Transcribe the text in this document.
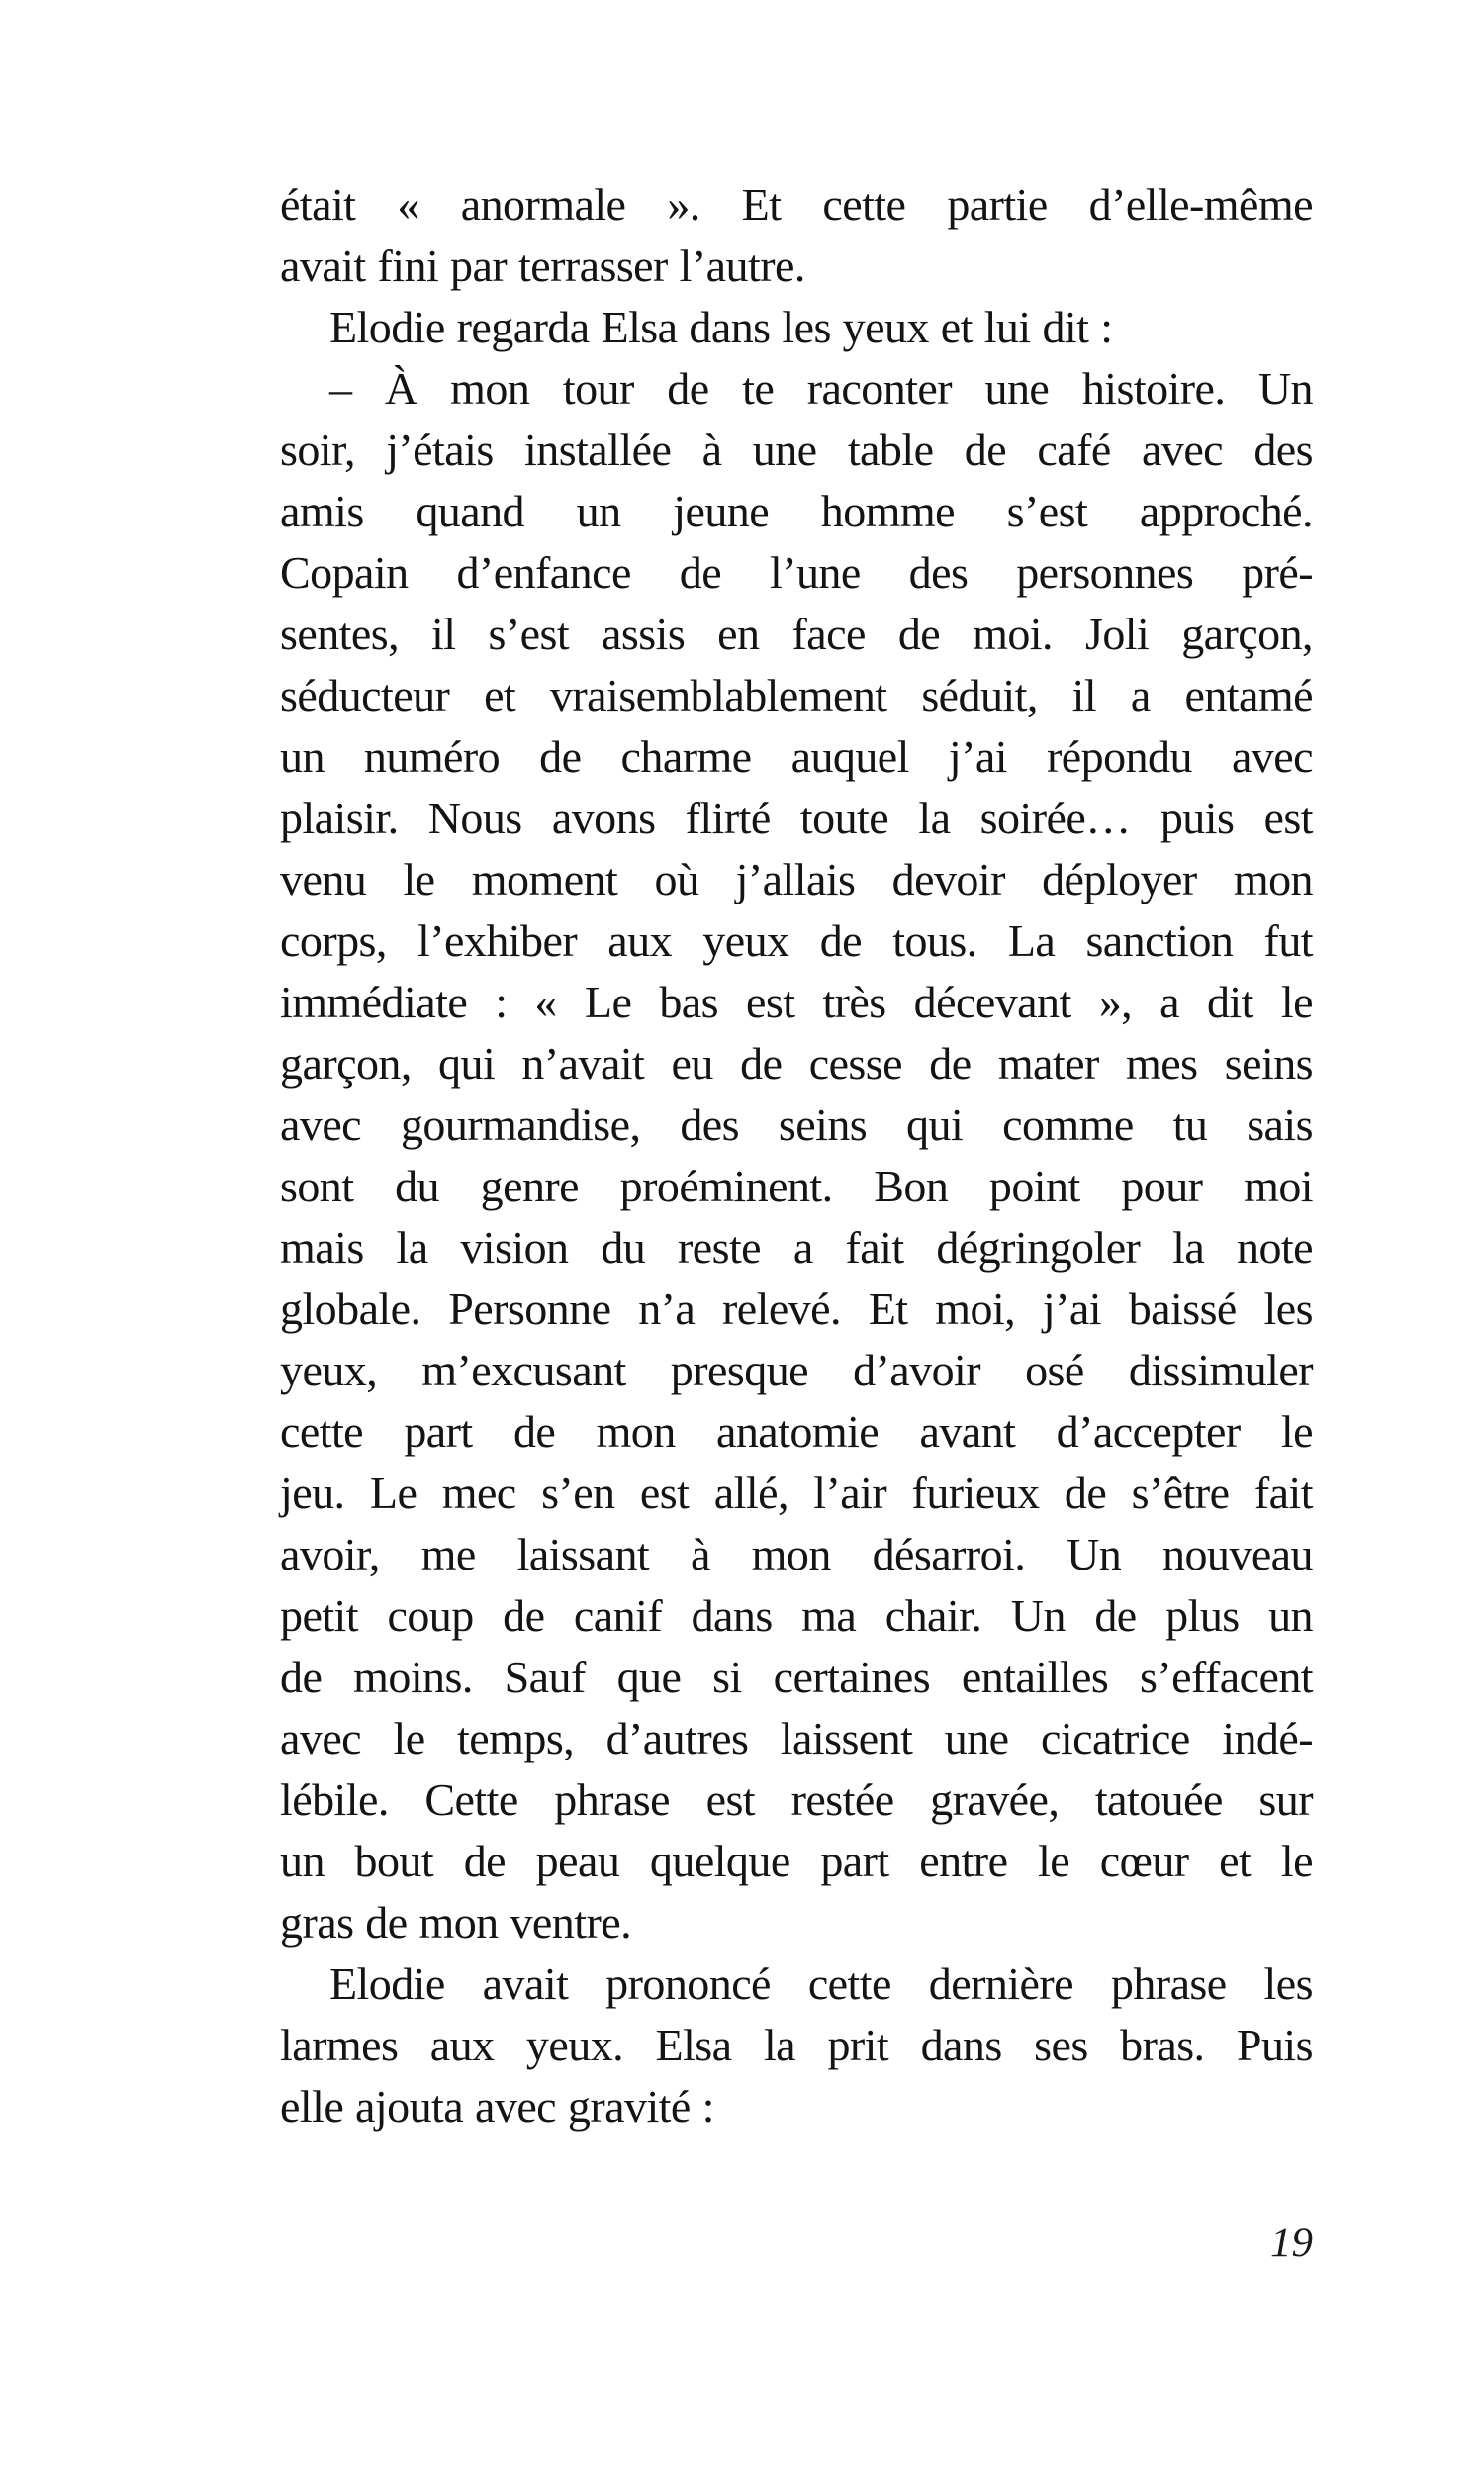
était « anormale ». Et cette partie d’elle-même
avait fini par terrasser l’autre.
Elodie regarda Elsa dans les yeux et lui dit :
– À mon tour de te raconter une histoire. Un
soir, j’étais installée à une table de café avec des
amis quand un jeune homme s’est approché.
Copain d’enfance de l’une des personnes pré-
sentes, il s’est assis en face de moi. Joli garçon,
séducteur et vraisemblablement séduit, il a entamé
un numéro de charme auquel j’ai répondu avec
plaisir. Nous avons flirté toute la soirée… puis est
venu le moment où j’allais devoir déployer mon
corps, l’exhiber aux yeux de tous. La sanction fut
immédiate : « Le bas est très décevant », a dit le
garçon, qui n’avait eu de cesse de mater mes seins
avec gourmandise, des seins qui comme tu sais
sont du genre proéminent. Bon point pour moi
mais la vision du reste a fait dégringoler la note
globale. Personne n’a relevé. Et moi, j’ai baissé les
yeux, m’excusant presque d’avoir osé dissimuler
cette part de mon anatomie avant d’accepter le
jeu. Le mec s’en est allé, l’air furieux de s’être fait
avoir, me laissant à mon désarroi. Un nouveau
petit coup de canif dans ma chair. Un de plus un
de moins. Sauf que si certaines entailles s’effacent
avec le temps, d’autres laissent une cicatrice indé-
lébile. Cette phrase est restée gravée, tatouée sur
un bout de peau quelque part entre le cœur et le
gras de mon ventre.
Elodie avait prononcé cette dernière phrase les
larmes aux yeux. Elsa la prit dans ses bras. Puis
elle ajouta avec gravité :
19
